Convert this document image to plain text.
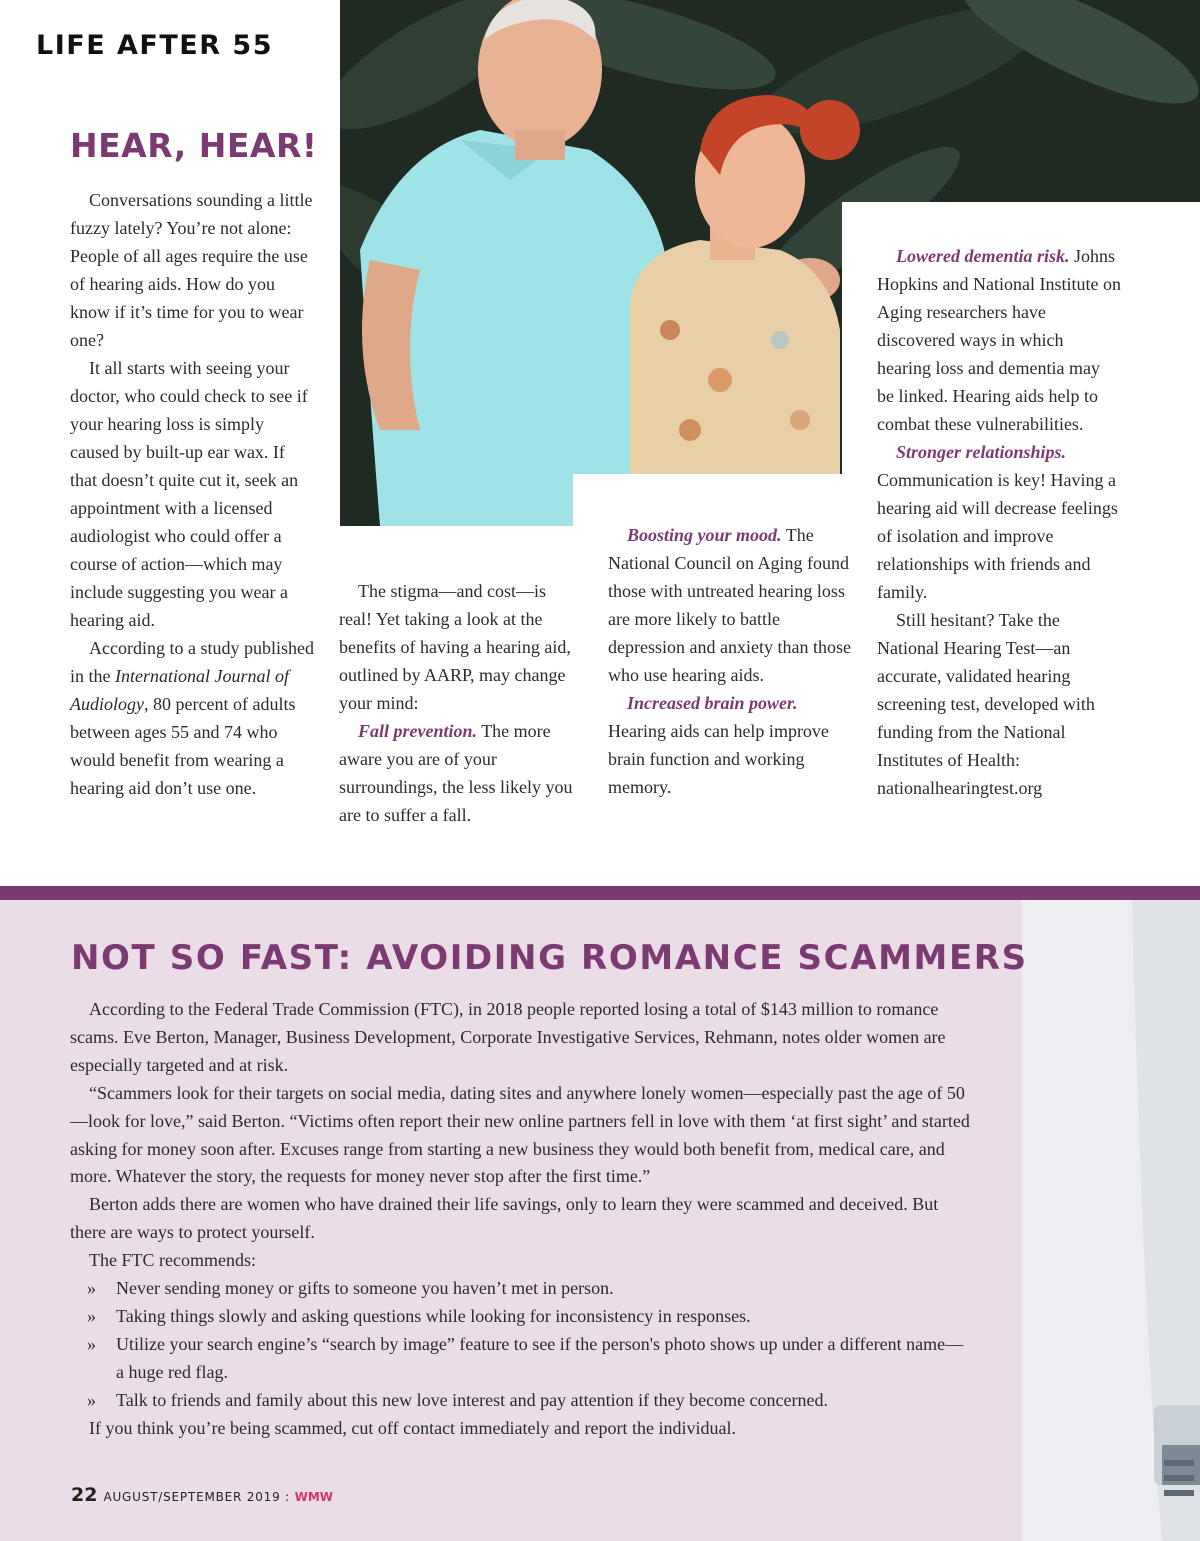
LIFE AFTER 55
HEAR, HEAR!

Conversations sounding a little fuzzy lately? You’re not alone: People of all ages require the use of hearing aids. How do you know if it’s time for you to wear one?

It all starts with seeing your doctor, who could check to see if your hearing loss is simply caused by built-up ear wax. If that doesn’t quite cut it, seek an appointment with a licensed audiologist who could offer a course of action—which may include suggesting you wear a hearing aid.

According to a study published in the International Journal of Audiology, 80 percent of adults between ages 55 and 74 who would benefit from wearing a hearing aid don’t use one.

The stigma—and cost—is real! Yet taking a look at the benefits of having a hearing aid, outlined by AARP, may change your mind:

Fall prevention. The more aware you are of your surroundings, the less likely you are to suffer a fall.

Boosting your mood. The National Council on Aging found those with untreated hearing loss are more likely to battle depression and anxiety than those who use hearing aids.

Increased brain power. Hearing aids can help improve brain function and working memory.

Lowered dementia risk. Johns Hopkins and National Institute on Aging researchers have discovered ways in which hearing loss and dementia may be linked. Hearing aids help to combat these vulnerabilities.

Stronger relationships. Communication is key! Having a hearing aid will decrease feelings of isolation and improve relationships with friends and family.

Still hesitant? Take the National Hearing Test—an accurate, validated hearing screening test, developed with funding from the National Institutes of Health: nationalhearingtest.org

NOT SO FAST: AVOIDING ROMANCE SCAMMERS

According to the Federal Trade Commission (FTC), in 2018 people reported losing a total of $143 million to romance scams. Eve Berton, Manager, Business Development, Corporate Investigative Services, Rehmann, notes older women are especially targeted and at risk.

“Scammers look for their targets on social media, dating sites and anywhere lonely women—especially past the age of 50—look for love,” said Berton. “Victims often report their new online partners fell in love with them ‘at first sight’ and started asking for money soon after. Excuses range from starting a new business they would both benefit from, medical care, and more. Whatever the story, the requests for money never stop after the first time.”

Berton adds there are women who have drained their life savings, only to learn they were scammed and deceived. But there are ways to protect yourself.

The FTC recommends:

» Never sending money or gifts to someone you haven’t met in person.
» Taking things slowly and asking questions while looking for inconsistency in responses.
» Utilize your search engine’s “search by image” feature to see if the person's photo shows up under a different name—a huge red flag.
» Talk to friends and family about this new love interest and pay attention if they become concerned.

If you think you’re being scammed, cut off contact immediately and report the individual.

22 AUGUST/SEPTEMBER 2019 : WMW
